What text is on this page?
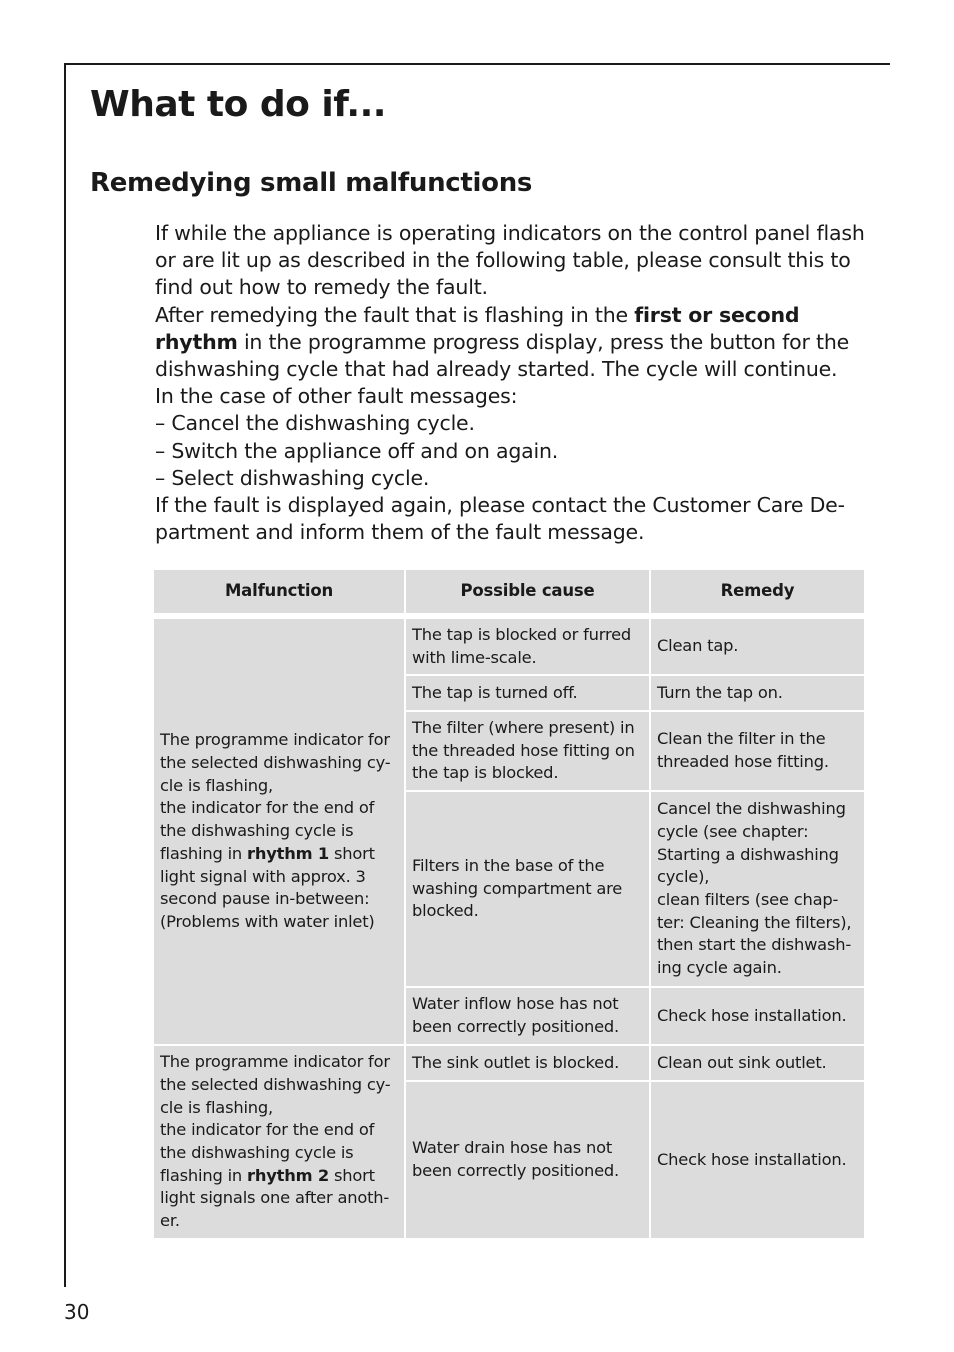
What to do if...
Remedying small malfunctions

If while the appliance is operating indicators on the control panel flash or are lit up as described in the following table, please consult this to find out how to remedy the fault.

After remedying the fault that is flashing in the first or second rhythm in the programme progress display, press the button for the dishwashing cycle that had already started. The cycle will continue.

In the case of other fault messages:

– Cancel the dishwashing cycle.

– Switch the appliance off and on again.

– Select dishwashing cycle.

If the fault is displayed again, please contact the Customer Care De-partment and inform them of the fault message.

Malfunction	Possible cause	Remedy

The programme indicator for the selected dishwashing cy-cle is flashing,
the indicator for the end of the dishwashing cycle is flashing in rhythm 1 short light signal with approx. 3 second pause in-between: (Problems with water inlet)	The tap is blocked or furred with lime-scale.	Clean tap.
	The tap is turned off.	Turn the tap on.
	The filter (where present) in the threaded hose fitting on the tap is blocked.	Clean the filter in the threaded hose fitting.
	Filters in the base of the washing compartment are blocked.	Cancel the dishwashing cycle (see chapter: Starting a dishwashing cycle),
clean filters (see chap-ter: Cleaning the filters), then start the dishwash-ing cycle again.
	Water inflow hose has not been correctly positioned.	Check hose installation.
The programme indicator for the selected dishwashing cy-cle is flashing,
the indicator for the end of the dishwashing cycle is flashing in rhythm 2 short light signals one after anoth-er.	The sink outlet is blocked.	Clean out sink outlet.
	Water drain hose has not been correctly positioned.	Check hose installation.
30
